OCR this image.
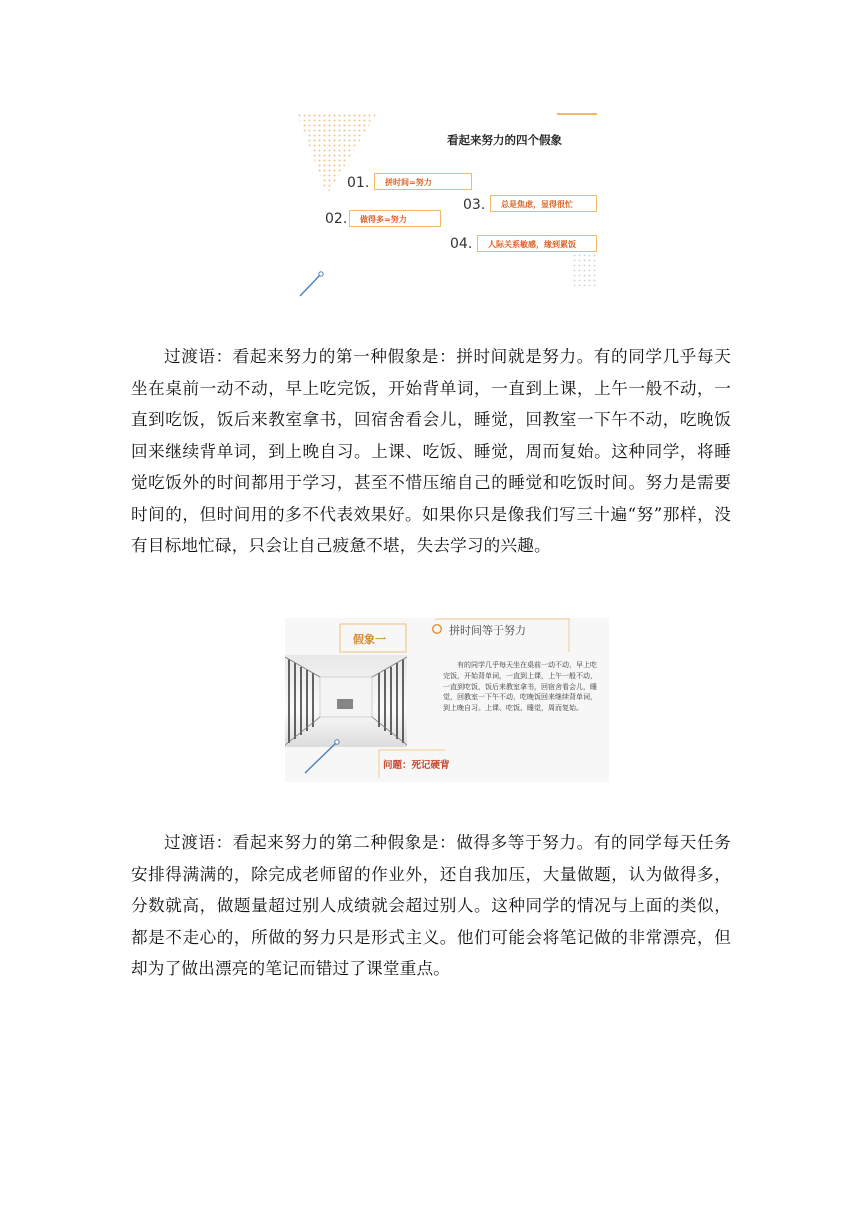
看起来努力的四个假象
01.	拼时间=努力
02.	做得多=努力
03.	总是焦虑，显得很忙
04.	人际关系敏感，缘到累饭

过渡语：看起来努力的第一种假象是：拼时间就是努力。有的同学几乎每天坐在桌前一动不动，早上吃完饭，开始背单词，一直到上课，上午一般不动，一直到吃饭，饭后来教室拿书，回宿舍看会儿，睡觉，回教室一下午不动，吃晚饭回来继续背单词，到上晚自习。上课、吃饭、睡觉，周而复始。这种同学，将睡觉吃饭外的时间都用于学习，甚至不惜压缩自己的睡觉和吃饭时间。努力是需要时间的，但时间用的多不代表效果好。如果你只是像我们写三十遍“努”那样，没有目标地忙碌，只会让自己疲惫不堪，失去学习的兴趣。

假象一
拼时间等于努力

有的同学几乎每天坐在桌前一动不动，早上吃完饭，开始背单词，一直到上课，上午一般不动，一直到吃饭，饭后来教室拿书，回宿舍看会儿，睡觉，回教室一下午不动，吃晚饭回来继续背单词，到上晚自习。上课、吃饭、睡觉，周而复始。

问题：死记硬背

过渡语：看起来努力的第二种假象是：做得多等于努力。有的同学每天任务安排得满满的，除完成老师留的作业外，还自我加压，大量做题，认为做得多，分数就高，做题量超过别人成绩就会超过别人。这种同学的情况与上面的类似，都是不走心的，所做的努力只是形式主义。他们可能会将笔记做的非常漂亮，但却为了做出漂亮的笔记而错过了课堂重点。
